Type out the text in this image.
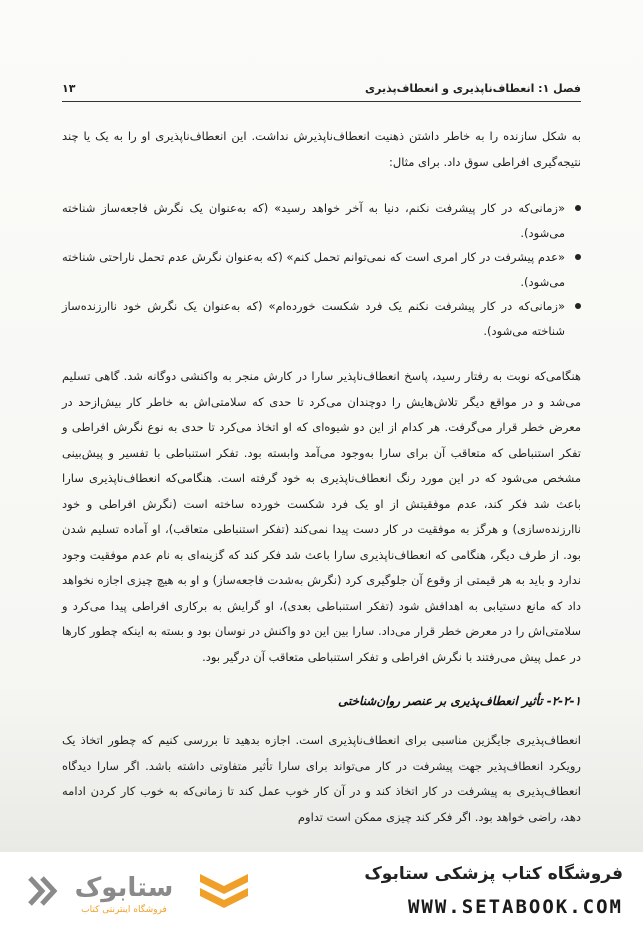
فصل ۱: انعطاف‌ناپذیری و انعطاف‌پذیری
۱۳
به شکل سازنده را به خاطر داشتن ذهنیت انعطاف‌ناپذیرش نداشت. این انعطاف‌ناپذیری او را به یک یا چند نتیجه‌گیری افراطی سوق داد. برای مثال:
«زمانی‌که در کار پیشرفت نکنم، دنیا به آخر خواهد رسید» (که به‌عنوان یک نگرش فاجعه‌ساز شناخته می‌شود).
«عدم پیشرفت در کار امری است که نمی‌توانم تحمل کنم» (که به‌عنوان نگرش عدم تحمل ناراحتی شناخته می‌شود).
«زمانی‌که در کار پیشرفت نکنم یک فرد شکست خورده‌ام» (که به‌عنوان یک نگرش خود ناارزنده‌ساز شناخته می‌شود).
هنگامی‌که نوبت به رفتار رسید، پاسخ انعطاف‌ناپذیر سارا در کارش منجر به واکنشی دوگانه شد. گاهی تسلیم می‌شد و در مواقع دیگر تلاش‌هایش را دوچندان می‌کرد تا حدی که سلامتی‌اش به خاطر کار بیش‌ازحد در معرض خطر قرار می‌گرفت. هر کدام از این دو شیوه‌ای که او اتخاذ می‌کرد تا حدی به نوع نگرش افراطی و تفکر استنباطی که متعاقب آن برای سارا به‌وجود می‌آمد وابسته بود. تفکر استنباطی با تفسیر و پیش‌بینی مشخص می‌شود که در این مورد رنگ انعطاف‌ناپذیری به خود گرفته است. هنگامی‌که انعطاف‌ناپذیری سارا باعث شد فکر کند، عدم موفقیتش از او یک فرد شکست خورده ساخته است (نگرش افراطی و خود ناارزنده‌سازی) و هرگز به موفقیت در کار دست پیدا نمی‌کند (تفکر استنباطی متعاقب)، او آماده تسلیم شدن بود. از طرف دیگر، هنگامی که انعطاف‌ناپذیری سارا باعث شد فکر کند که گزینه‌ای به نام عدم موفقیت وجود ندارد و باید به هر قیمتی از وقوع آن جلوگیری کرد (نگرش به‌شدت فاجعه‌ساز) و او به هیچ چیزی اجازه نخواهد داد که مانع دستیابی به اهدافش شود (تفکر استنباطی بعدی)، او گرایش به برکاری افراطی پیدا می‌کرد و سلامتی‌اش را در معرض خطر قرار می‌داد. سارا بین این دو واکنش در نوسان بود و بسته به اینکه چطور کارها در عمل پیش می‌رفتند با نگرش افراطی و تفکر استنباطی متعاقب آن درگیر بود.
۲-۲-۱- تأثیر انعطاف‌پذیری بر عنصر روان‌شناختی
انعطاف‌پذیری جایگزین مناسبی برای انعطاف‌ناپذیری است. اجازه بدهید تا بررسی کنیم که چطور اتخاذ یک رویکرد انعطاف‌پذیر جهت پیشرفت در کار می‌تواند برای سارا تأثیر متفاوتی داشته باشد. اگر سارا دیدگاه انعطاف‌پذیری به پیشرفت در کار اتخاذ کند و در آن کار خوب عمل کند تا زمانی‌که به خوب کار کردن ادامه دهد، راضی خواهد بود. اگر فکر کند چیزی ممکن است تداوم
ستابوک
فروشگاه اینترنتی کتاب
فروشگاه کتاب پزشکی ستابوک
WWW.SETABOOK.COM
